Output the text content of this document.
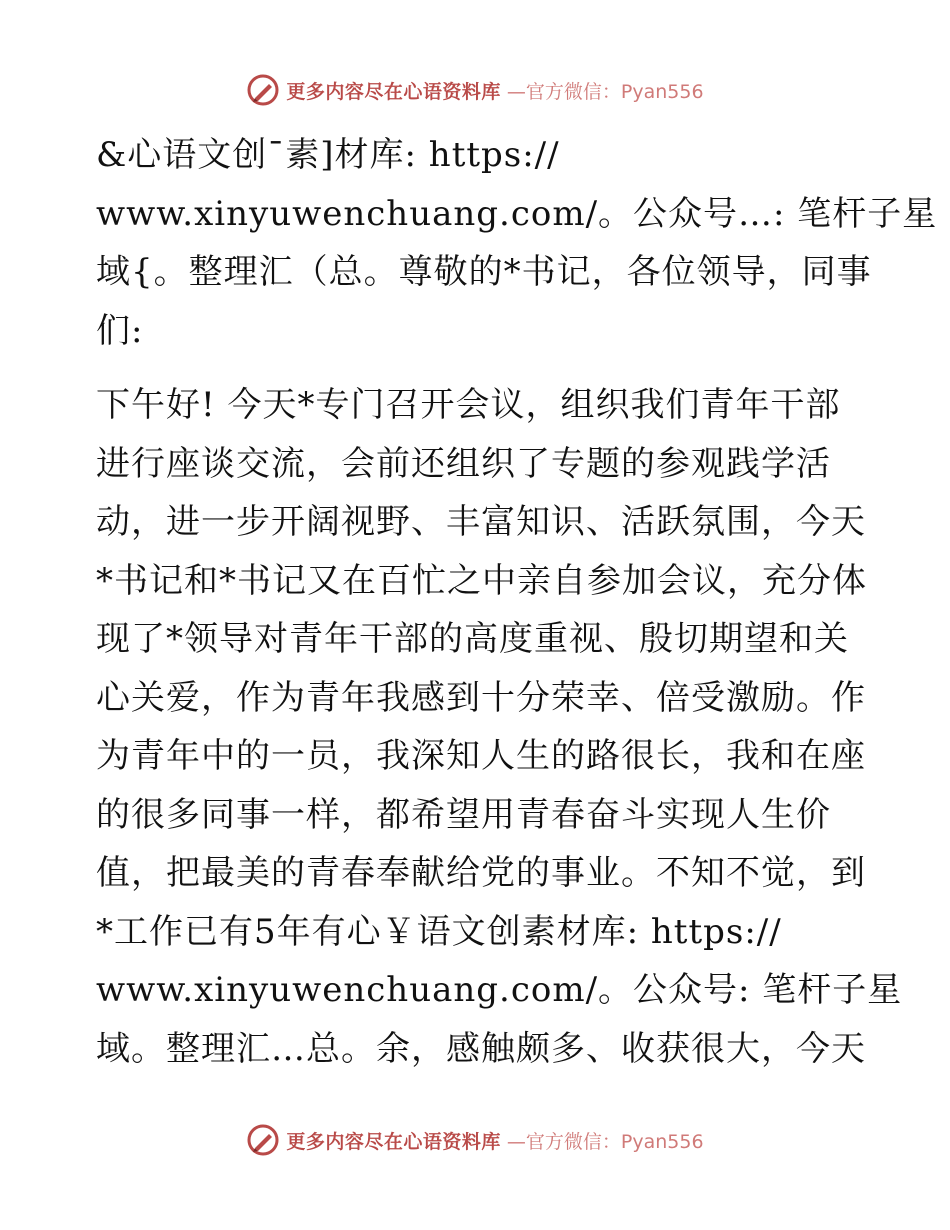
更多内容尽在心语资料库 —官方微信：Pyan556

&心语文创¯素]材库: https://
www.xinyuwenchuang.com/。公众号…: 笔杆子星
域{。整理汇（总。尊敬的*书记，各位领导，同事
们:

下午好! 今天*专门召开会议，组织我们青年干部
进行座谈交流，会前还组织了专题的参观践学活
动，进一步开阔视野、丰富知识、活跃氛围，今天
*书记和*书记又在百忙之中亲自参加会议，充分体
现了*领导对青年干部的高度重视、殷切期望和关
心关爱，作为青年我感到十分荣幸、倍受激励。作
为青年中的一员，我深知人生的路很长，我和在座
的很多同事一样，都希望用青春奋斗实现人生价
值，把最美的青春奉献给党的事业。不知不觉，到
*工作已有5年有心￥语文创素材库: https://
www.xinyuwenchuang.com/。公众号: 笔杆子星
域。整理汇…总。余，感触颇多、收获很大，今天

更多内容尽在心语资料库 —官方微信：Pyan556
